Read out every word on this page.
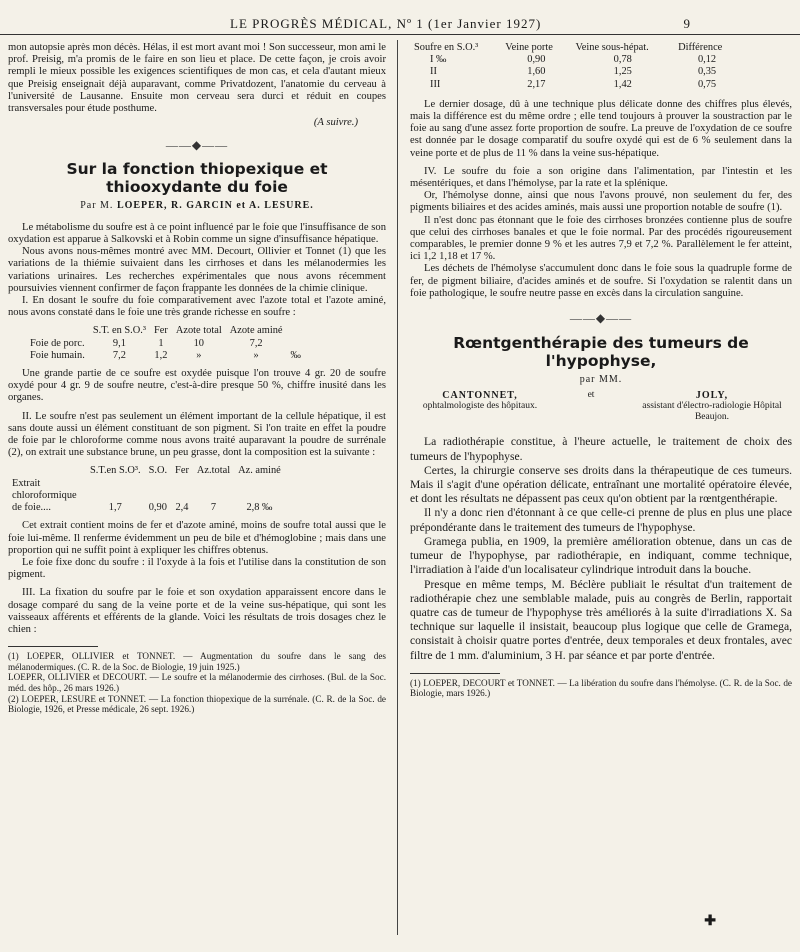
LE PROGRÈS MÉDICAL, Nº 1 (1er Janvier 1927)	9

mon autopsie après mon décès. Hélas, il est mort avant moi ! Son successeur, mon ami le prof. Preisig, m'a promis de le faire en son lieu et place. De cette façon, je crois avoir rempli le mieux possible les exigences scientifiques de mon cas, et cela d'autant mieux que Preisig enseignait déjà auparavant, comme Privatdozent, l'anatomie du cerveau à l'université de Lausanne. Ensuite mon cerveau sera durci et réduit en coupes transversales pour étude posthume.

(A suivre.)

——◆——
Sur la fonction thiopexique et thiooxydante du foie
Par M. LOEPER, R. GARCIN et A. LESURE.

Le métabolisme du soufre est à ce point influencé par le foie que l'insuffisance de son oxydation est apparue à Salkovski et à Robin comme un signe d'insuffisance hépatique.

Nous avons nous-mêmes montré avec MM. Decourt, Ollivier et Tonnet (1) que les variations de la thiémie suivaient dans les cirrhoses et dans les mélanodermies les variations urinaires. Les recherches expérimentales que nous avons récemment poursuivies viennent confirmer de façon frappante les données de la chimie clinique.

I. En dosant le soufre du foie comparativement avec l'azote total et l'azote aminé, nous avons constaté dans le foie une très grande richesse en soufre :

	S.T. en S.O.³	Fer	Azote total	Azote aminé	
Foie de porc.	9,1	1	10	7,2	
Foie humain.	7,2	1,2	»	»	‰

Une grande partie de ce soufre est oxydée puisque l'on trouve 4 gr. 20 de soufre oxydé pour 4 gr. 9 de soufre neutre, c'est-à-dire presque 50 %, chiffre inusité dans les organes.

II. Le soufre n'est pas seulement un élément important de la cellule hépatique, il est sans doute aussi un élément constituant de son pigment. Si l'on traite en effet la poudre de foie par le chloroforme comme nous avons traité auparavant la poudre de surrénale (2), on extrait une substance brune, un peu grasse, dont la composition est la suivante :

	S.T.en S.O³.	S.O.	Fer	Az.total	Az. aminé
Extrait chloroformique de foie....	1,7	0,90	2,4	7	2,8 ‰

Cet extrait contient moins de fer et d'azote aminé, moins de soufre total aussi que le foie lui-même. Il renferme évidemment un peu de bile et d'hémoglobine ; mais dans une proportion qui ne suffit point à expliquer les chiffres obtenus.

Le foie fixe donc du soufre : il l'oxyde à la fois et l'utilise dans la constitution de son pigment.

III. La fixation du soufre par le foie et son oxydation apparaissent encore dans le dosage comparé du sang de la veine porte et de la veine sus-hépatique, qui sont les vaisseaux afférents et efférents de la glande. Voici les résultats de trois dosages chez le chien :

(1) LOEPER, OLLIVIER et TONNET. — Augmentation du soufre dans le sang des mélanodermiques. (C. R. de la Soc. de Biologie, 19 juin 1925.)

LOEPER, OLLIVIER et DECOURT. — Le soufre et la mélanodermie des cirrhoses. (Bul. de la Soc. méd. des hôp., 26 mars 1926.)

(2) LOEPER, LESURE et TONNET. — La fonction thiopexique de la surrénale. (C. R. de la Soc. de Biologie, 1926, et Presse médicale, 26 sept. 1926.)

Soufre en S.O.³	Veine porte	Veine sous-hépat.	Différence
I ‰	0,90	0,78	0,12
II	1,60	1,25	0,35
III	2,17	1,42	0,75

Le dernier dosage, dû à une technique plus délicate donne des chiffres plus élevés, mais la différence est du même ordre ; elle tend toujours à prouver la soustraction par le foie au sang d'une assez forte proportion de soufre. La preuve de l'oxydation de ce soufre est donnée par le dosage comparatif du soufre oxydé qui est de 6 % seulement dans la veine porte et de plus de 11 % dans la veine sus-hépatique.

IV. Le soufre du foie a son origine dans l'alimentation, par l'intestin et les mésentériques, et dans l'hémolyse, par la rate et la splénique.

Or, l'hémolyse donne, ainsi que nous l'avons prouvé, non seulement du fer, des pigments biliaires et des acides aminés, mais aussi une proportion notable de soufre (1).

Il n'est donc pas étonnant que le foie des cirrhoses bronzées contienne plus de soufre que celui des cirrhoses banales et que le foie normal. Par des procédés rigoureusement comparables, le premier donne 9 % et les autres 7,9 et 7,2 %. Parallèlement le fer atteint, ici 1,2 1,18 et 17 %.

Les déchets de l'hémolyse s'accumulent donc dans le foie sous la quadruple forme de fer, de pigment biliaire, d'acides aminés et de soufre. Si l'oxydation se ralentit dans un foie pathologique, le soufre neutre passe en excès dans la circulation sanguine.

——◆——
Rœntgenthérapie des tumeurs de l'hypophyse,
par MM.
CANTONNET,
ophtalmologiste des hôpitaux.
et	JOLY,
assistant d'électro-radiologie Hôpital Beaujon.

La radiothérapie constitue, à l'heure actuelle, le traitement de choix des tumeurs de l'hypophyse.

Certes, la chirurgie conserve ses droits dans la thérapeutique de ces tumeurs. Mais il s'agit d'une opération délicate, entraînant une mortalité opératoire élevée, et dont les résultats ne dépassent pas ceux qu'on obtient par la rœntgenthérapie.

Il n'y a donc rien d'étonnant à ce que celle-ci prenne de plus en plus une place prépondérante dans le traitement des tumeurs de l'hypophyse.

Gramega publia, en 1909, la première amélioration obtenue, dans un cas de tumeur de l'hypophyse, par radiothérapie, en indiquant, comme technique, l'irradiation à l'aide d'un localisateur cylindrique introduit dans la bouche.

Presque en même temps, M. Béclère publiait le résultat d'un traitement de radiothérapie chez une semblable malade, puis au congrès de Berlin, rapportait quatre cas de tumeur de l'hypophyse très améliorés à la suite d'irradiations X. Sa technique sur laquelle il insistait, beaucoup plus logique que celle de Gramega, consistait à choisir quatre portes d'entrée, deux temporales et deux frontales, avec filtre de 1 mm. d'aluminium, 3 H. par séance et par porte d'entrée.

(1) LOEPER, DECOURT et TONNET. — La libération du soufre dans l'hémolyse. (C. R. de la Soc. de Biologie, mars 1926.)

✚
